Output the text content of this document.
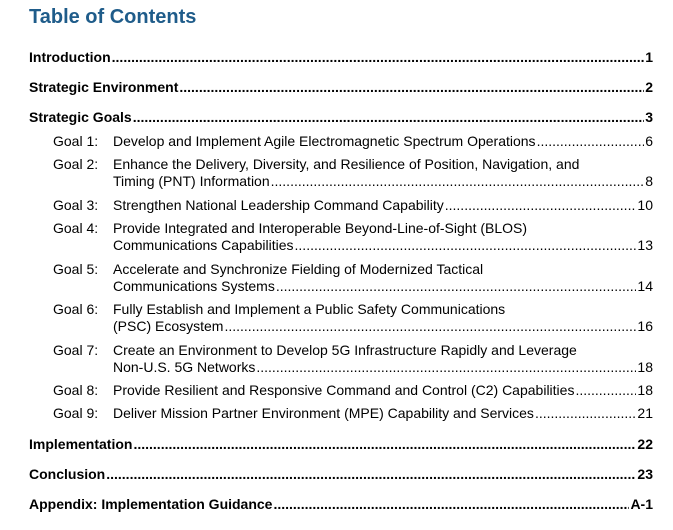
Table of Contents
Introduction .....	1
Strategic Environment .....	2
Strategic Goals .....	3
Goal 1: Develop and Implement Agile Electromagnetic Spectrum Operations .....	6
Goal 2: Enhance the Delivery, Diversity, and Resilience of Position, Navigation, and
Timing (PNT) Information .....	8
Goal 3: Strengthen National Leadership Command Capability .....	10
Goal 4: Provide Integrated and Interoperable Beyond-Line-of-Sight (BLOS)
Communications Capabilities .....	13
Goal 5: Accelerate and Synchronize Fielding of Modernized Tactical
Communications Systems .....	14
Goal 6: Fully Establish and Implement a Public Safety Communications
(PSC) Ecosystem .....	16
Goal 7: Create an Environment to Develop 5G Infrastructure Rapidly and Leverage
Non-U.S. 5G Networks .....	18
Goal 8: Provide Resilient and Responsive Command and Control (C2) Capabilities .....	18
Goal 9: Deliver Mission Partner Environment (MPE) Capability and Services .....	21
Implementation .....	22
Conclusion .....	23
Appendix: Implementation Guidance .....	A-1
